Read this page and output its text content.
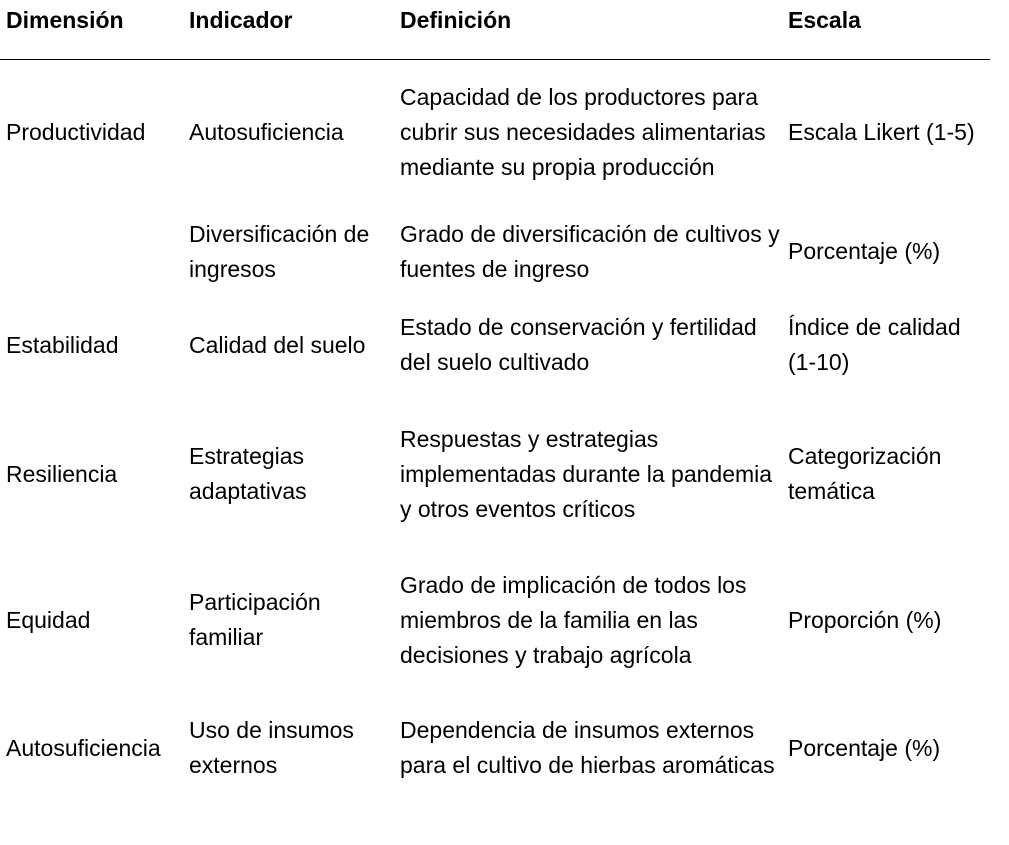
Dimensión	Indicador	Definición	Escala
Productividad	Autosuficiencia	Capacidad de los productores para cubrir sus necesidades alimentarias mediante su propia producción	Escala Likert (1-5)
	Diversificación de ingresos	Grado de diversificación de cultivos y fuentes de ingreso	Porcentaje (%)
Estabilidad	Calidad del suelo	Estado de conservación y fertilidad del suelo cultivado	Índice de calidad (1-10)
Resiliencia	Estrategias adaptativas	Respuestas y estrategias implementadas durante la pandemia y otros eventos críticos	Categorización temática
Equidad	Participación familiar	Grado de implicación de todos los miembros de la familia en las decisiones y trabajo agrícola	Proporción (%)
Autosuficiencia	Uso de insumos externos	Dependencia de insumos externos para el cultivo de hierbas aromáticas	Porcentaje (%)
